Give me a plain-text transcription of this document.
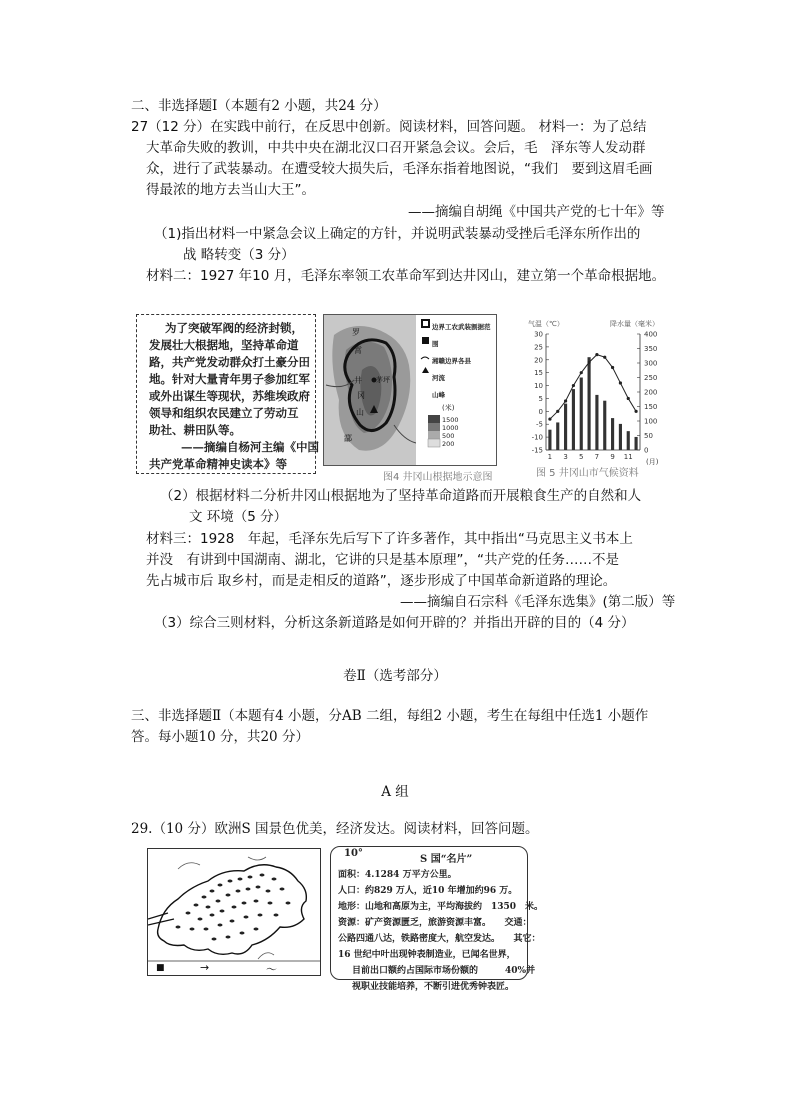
二、非选择题Ⅰ（本题有2 小题，共24 分）
27（12 分）在实践中前行，在反思中创新。阅读材料，回答问题。 材料一：为了总结
大革命失败的教训，中共中央在湖北汉口召开紧急会议。会后，毛　泽东等人发动群
众，进行了武装暴动。在遭受较大损失后，毛泽东指着地图说，“我们　要到这眉毛画
得最浓的地方去当山大王”。
——摘编自胡绳《中国共产党的七十年》等
（1)指出材料一中紧急会议上确定的方针，并说明武装暴动受挫后毛泽东所作出的
战 略转变（3 分）
材料二：1927 年10 月，毛泽东率领工农革命军到达井冈山，建立第一个革命根据地。
为了突破军阀的经济封锁，
发展壮大根据地，坚持革命道
路，共产党发动群众打土豪分田
地。针对大量青年男子参加红军
或外出谋生等现状，苏维埃政府
领导和组织农民建立了劳动互
助社、耕田队等。
——摘编自杨河主编《中国
共产党革命精神史读本》等
边界工农武装割据范围
湘赣边界各县
河流
山峰
罗
霄
井
冈
山
茅坪
酃
(米)
1500
1000
500
200
图4 井冈山根据地示意图
气温（℃）	降水量（毫米）
30
25
20
15
10
5
0
-5
-10
-15
400
350
300
250
200
150
100
50
0
1 3 5 7 9 11
(月)
图 5 井冈山市气候资料
（2）根据材料二分析井冈山根据地为了坚持革命道路而开展粮食生产的自然和人
文 环境（5 分）
材料三：1928　年起，毛泽东先后写下了许多著作，其中指出“马克思主义书本上
并没　有讲到中国湖南、湖北，它讲的只是基本原理”，“共产党的任务……不是
先占城市后 取乡村，而是走相反的道路”，逐步形成了中国革命新道路的理论。
——摘编自石宗科《毛泽东选集》(第二版）等
（3）综合三则材料，分析这条新道路是如何开辟的？并指出开辟的目的（4 分）
卷Ⅱ（选考部分）
三、非选择题Ⅱ（本题有4 小题，分AB 二组，每组2 小题，考生在每组中任选1 小题作
答。每小题10 分，共20 分）
A 组
29.（10 分）欧洲S 国景色优美，经济发达。阅读材料，回答问题。
■	→	〜
10°
S 国“名片”
面积：4.1284 万平方公里。
人口：约829 万人，近10 年增加约96 万。
地形：山地和高原为主，平均海拔约　1350　米。
资源：矿产资源匮乏，旅游资源丰富。　　交通：
公路四通八达，铁路密度大，航空发达。　　其它：
16 世纪中叶出现钟表制造业，已闻名世界，
目前出口额约占国际市场份额的　　　40%并
视职业技能培养，不断引进优秀钟表匠。
